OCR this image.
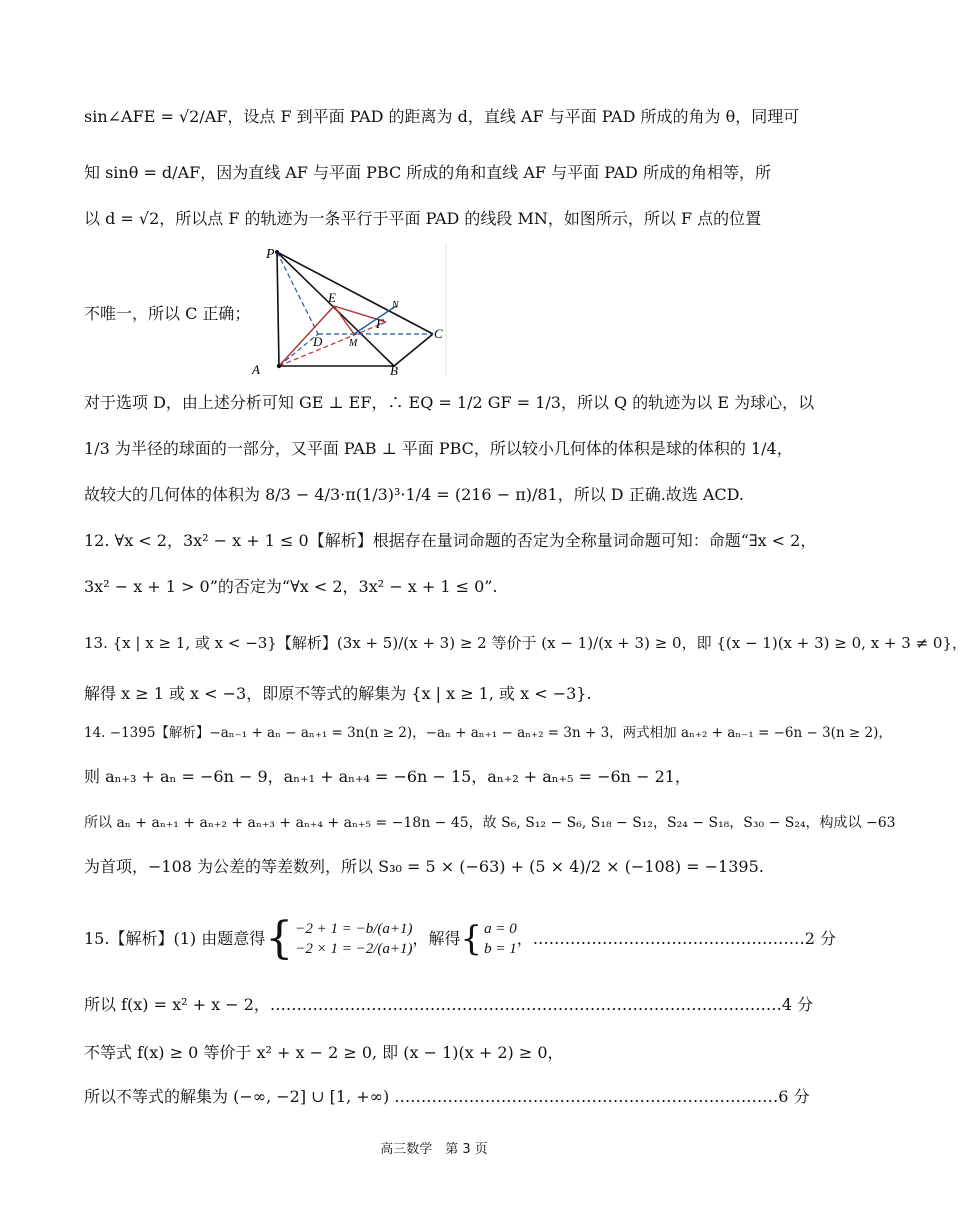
sin∠AFE = √2/AF，设点 F 到平面 PAD 的距离为 d，直线 AF 与平面 PAD 所成的角为 θ，同理可
知 sinθ = d/AF，因为直线 AF 与平面 PBC 所成的角和直线 AF 与平面 PAD 所成的角相等，所
以 d = √2，所以点 F 的轨迹为一条平行于平面 PAD 的线段 MN，如图所示，所以 F 点的位置
不唯一，所以 C 正确；
P
E
N
F
C
D	M
A	B
对于选项 D，由上述分析可知 GE ⊥ EF，∴ EQ = 1/2 GF = 1/3，所以 Q 的轨迹为以 E 为球心，以
1/3 为半径的球面的一部分，又平面 PAB ⊥ 平面 PBC，所以较小几何体的体积是球的体积的 1/4，
故较大的几何体的体积为 8/3 − 4/3·π(1/3)³·1/4 = (216 − π)/81，所以 D 正确.故选 ACD.
12. ∀x < 2，3x² − x + 1 ≤ 0【解析】根据存在量词命题的否定为全称量词命题可知：命题“∃x < 2，
3x² − x + 1 > 0”的否定为“∀x < 2，3x² − x + 1 ≤ 0”.
13. {x | x ≥ 1, 或 x < −3}【解析】(3x + 5)/(x + 3) ≥ 2 等价于 (x − 1)/(x + 3) ≥ 0，即 {(x − 1)(x + 3) ≥ 0, x + 3 ≠ 0}，
解得 x ≥ 1 或 x < −3，即原不等式的解集为 {x | x ≥ 1, 或 x < −3}.
14. −1395【解析】−aₙ₋₁ + aₙ − aₙ₊₁ = 3n(n ≥ 2)，−aₙ + aₙ₊₁ − aₙ₊₂ = 3n + 3，两式相加 aₙ₊₂ + aₙ₋₁ = −6n − 3(n ≥ 2)，
则 aₙ₊₃ + aₙ = −6n − 9，aₙ₊₁ + aₙ₊₄ = −6n − 15，aₙ₊₂ + aₙ₊₅ = −6n − 21，
所以 aₙ + aₙ₊₁ + aₙ₊₂ + aₙ₊₃ + aₙ₊₄ + aₙ₊₅ = −18n − 45，故 S₆, S₁₂ − S₆, S₁₈ − S₁₂，S₂₄ − S₁₈，S₃₀ − S₂₄，构成以 −63
为首项，−108 为公差的等差数列，所以 S₃₀ = 5 × (−63) + (5 × 4)/2 × (−108) = −1395.
15.【解析】(1) 由题意得 { −2 + 1 = −b/(a+1)
−2 × 1 = −2/(a+1)
，解得 { a = 0
b = 1
，……………………………………………2 分
所以 f(x) = x² + x − 2，……………………………………………………………………………………4 分
不等式 f(x) ≥ 0 等价于 x² + x − 2 ≥ 0, 即 (x − 1)(x + 2) ≥ 0，
所以不等式的解集为 (−∞, −2] ∪ [1, +∞) ………………………………………………………………6 分
高三数学　第 3 页
